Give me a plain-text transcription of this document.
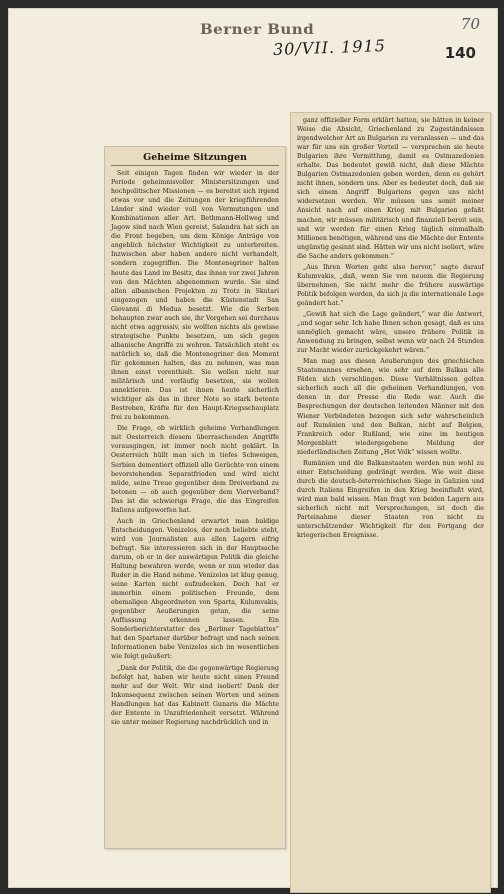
Berner Bund	70
30/VII. 1915	140
Geheime Sitzungen

Seit einigen Tagen finden wir wieder in der Periode geheimnisvoller Ministersitzungen und hochpolitischer Missionen — es bereitet sich irgend etwas vor und die Zeitungen der kriegführenden Länder sind wieder voll von Vermutungen und Kombinationen aller Art. Bethmann-Hollweg und Jagow sind nach Wien gereist, Salandra hat sich an die Front begeben, um dem Könige Anträge von angeblich höchster Wichtigkeit zu unterbreiten. Inzwischen aber haben andere nicht verhandelt, sondern zugegriffen. Die Montenegriner halten heute das Land im Besitz, das ihnen vor zwei Jahren von den Mächten abgenommen wurde. Sie sind allen albanischen Projekten zu Trotz in Skutari eingezogen und haben die Küstenstadt San Giovanni di Medua besetzt. Wie die Serben behaupten zwar auch sie, ihr Vorgehen sei durchaus nicht etwa aggressiv, sie wollten nichts als gewisse strategische Punkte besetzen, um sich gegen albanische Angriffe zu wehren. Tatsächlich steht es natürlich so, daß die Montenegriner den Moment für gekommen halten, das zu nehmen, was man ihnen einst vorenthielt. Sie wollen nicht nur militärisch und vorläufig besetzen, sie wollen annektieren. Das ist ihnen heute sicherlich wichtiger als das in ihrer Note so stark betonte Bestreben, Kräfte für den Haupt-Kriegsschauplatz frei zu bekommen.

Die Frage, ob wirklich geheime Verhandlungen mit Oesterreich diesem überraschenden Angriffe vorausgingen, ist immer noch nicht geklärt. In Oesterreich hüllt man sich in tiefes Schweigen, Serbien dementiert offiziell alle Gerüchte von einem bevorstehenden Separatfrieden und wird nicht müde, seine Treue gegenüber dem Dreiverband zu betonen — ob auch gegenüber dem Vierverband? Das ist die schwierige Frage, die das Eingreifen Italiens aufgeworfen hat.

Auch in Griechenland erwartet man baldige Entscheidungen. Venizelos, der noch beliebte steht, wird von Journalisten aus allen Lagern eifrig befragt. Sie interessieren sich in der Hauptsache darum, ob er in der auswärtigen Politik die gleiche Haltung bewahren werde, wenn er nun wieder das Ruder in die Hand nehme. Venizelos ist klug genug, seine Karten nicht aufzudecken. Doch hat er immerhin einem politischen Freunde, dem ehemaligen Abgeordneten von Sparta, Kulumvakis, gegenüber Aeußerungen getan, die seine Auffassung erkennen lassen. Ein Sonderberichterstatter des „Berliner Tageblattes“ hat den Spartaner darüber befragt und nach seinen Informationen habe Venizelos sich im wesentlichen wie folgt geäußert:

„Dank der Politik, die die gegenwärtige Regierung befolgt hat, haben wir heute nicht einen Freund mehr auf der Welt. Wir sind isoliert! Dank der Inkonsequenz zwischen seinen Worten und seinen Handlungen hat das Kabinett Gunaris die Mächte der Entente in Unzufriedenheit versetzt. Während sie unter meiner Regierung nachdrücklich und in

ganz offizieller Form erklärt hatten, sie hätten in keiner Weise die Absicht, Griechenland zu Zugeständnissen irgendwelcher Art an Bulgarien zu veranlassen — und das war für uns ein großer Vorteil — versprechen sie heute Bulgarien ihre Vermittlung, damit es Ostmazedonien erhalte. Das bedeutet gewiß nicht, daß diese Mächte Bulgarien Ostmazedonien geben werden, denn es gehört nicht ihnen, sondern uns. Aber es bedeutet doch, daß sie sich einem Angriff Bulgariens gegen uns nicht widersetzen werden. Wir müssen uns somit meiner Ansicht nach auf einen Krieg mit Bulgarien gefaßt machen, wir müssen militärisch und finanziell bereit sein, und wir werden für einen Krieg täglich einmalhalb Millionen benötigen, während uns die Mächte der Entente ungünstig gesinnt sind. Hätten wir uns nicht isoliert, wäre die Sache anders gekommen.“

„Aus Ihren Worten geht also hervor,“ sagte darauf Kulumvakis, „daß, wenn Sie von neuem die Regierung übernehmen, Sie nicht mehr die frühere auswärtige Politik befolgen werden, da sich ja die internationale Lage geändert hat.“

„Gewiß hat sich die Lage geändert,“ war die Antwort, „und sogar sehr. Ich habe Ihnen schon gesagt, daß es uns unmöglich gemacht wäre, unsere frühere Politik in Anwendung zu bringen, selbst wenn wir nach 24 Stunden zur Macht wieder zurückgekehrt wären.“

Man mag aus diesen Aeußerungen des griechischen Staatsmannes ersehen, wie sehr auf dem Balkan alle Fäden sich verschlingen. Diese Verhältnissen gelten sicherlich auch all die geheimen Verhandlungen, von denen in der Presse die Rede war. Auch die Besprechungen der deutschen leitenden Männer mit den Wiener Verbündeten bezogen sich sehr wahrscheinlich auf Rumänien und den Balkan, nicht auf Belgien, Frankreich oder Rußland, wie eine im heutigen Morgenblatt wiedergegebene Meldung der niederländischen Zeitung „Het Volk“ wissen wollte.

Rumänien und die Balkanstaaten werden nun wohl zu einer Entscheidung gedrängt werden. Wie weit diese durch die deutsch-österreichischen Siege in Galizien und durch Italiens Eingreifen in den Krieg beeinflußt wird, wird man bald wissen. Man fragt von beiden Lagern aus sicherlich nicht mit Versprechungen, ist doch die Parteinahme dieser Staaten von nicht zu unterschätzender Wichtigkeit für den Fortgang der kriegerischen Ereignisse.
